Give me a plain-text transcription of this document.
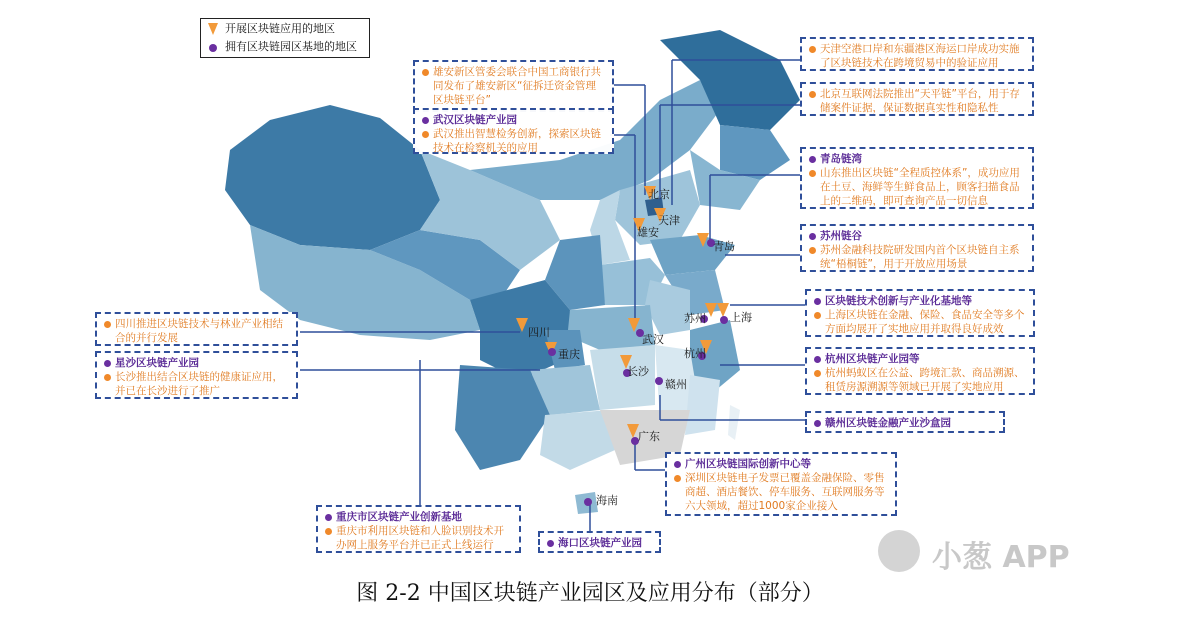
开展区块链应用的地区
拥有区块链园区基地的地区
北京
天津
雄安
青岛
苏州 上海
杭州
武汉
四川
重庆
长沙
赣州
广东
海南
雄安新区管委会联合中国工商银行共同发布了雄安新区“征拆迁资金管理区块链平台”
武汉区块链产业园
武汉推出智慧检务创新，探索区块链技术在检察机关的应用
天津空港口岸和东疆港区海运口岸成功实施了区块链技术在跨境贸易中的验证应用
北京互联网法院推出“天平链”平台，用于存储案件证据，保证数据真实性和隐私性
青岛链湾
山东推出区块链“全程质控体系”，成功应用在土豆、海鲜等生鲜食品上，顾客扫描食品上的二维码，即可查询产品一切信息
苏州链谷
苏州金融科技院研发国内首个区块链自主系统“梧桐链”，用于开放应用场景
区块链技术创新与产业化基地等
上海区块链在金融、保险、食品安全等多个方面均展开了实地应用并取得良好成效
杭州区块链产业园等
杭州蚂蚁区在公益、跨境汇款、商品溯源、租赁房源溯源等领域已开展了实地应用
赣州区块链金融产业沙盒园
广州区块链国际创新中心等
深圳区块链电子发票已覆盖金融保险、零售商超、酒店餐饮、停车服务、互联网服务等六大领域，超过1000家企业接入
四川推进区块链技术与林业产业相结合的并行发展
星沙区块链产业园
长沙推出结合区块链的健康证应用，并已在长沙进行了推广
重庆市区块链产业创新基地
重庆市利用区块链和人脸识别技术开办网上服务平台并已正式上线运行	海口区块链产业园	小葱 APP
图 2-2 中国区块链产业园区及应用分布（部分）
